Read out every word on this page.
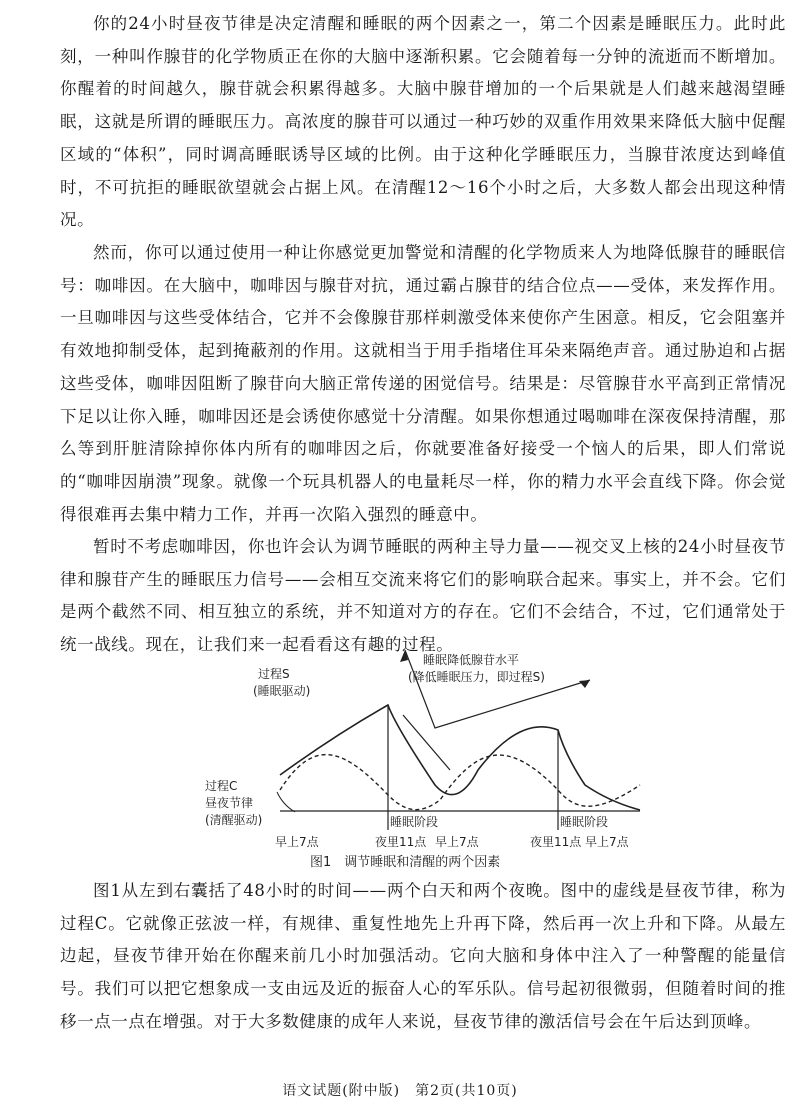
你的24小时昼夜节律是决定清醒和睡眠的两个因素之一，第二个因素是睡眠压力。此时此刻，一种叫作腺苷的化学物质正在你的大脑中逐渐积累。它会随着每一分钟的流逝而不断增加。你醒着的时间越久，腺苷就会积累得越多。大脑中腺苷增加的一个后果就是人们越来越渴望睡眠，这就是所谓的睡眠压力。高浓度的腺苷可以通过一种巧妙的双重作用效果来降低大脑中促醒区域的“体积”，同时调高睡眠诱导区域的比例。由于这种化学睡眠压力，当腺苷浓度达到峰值时，不可抗拒的睡眠欲望就会占据上风。在清醒12～16个小时之后，大多数人都会出现这种情况。

然而，你可以通过使用一种让你感觉更加警觉和清醒的化学物质来人为地降低腺苷的睡眠信号：咖啡因。在大脑中，咖啡因与腺苷对抗，通过霸占腺苷的结合位点——受体，来发挥作用。一旦咖啡因与这些受体结合，它并不会像腺苷那样刺激受体来使你产生困意。相反，它会阻塞并有效地抑制受体，起到掩蔽剂的作用。这就相当于用手指堵住耳朵来隔绝声音。通过胁迫和占据这些受体，咖啡因阻断了腺苷向大脑正常传递的困觉信号。结果是：尽管腺苷水平高到正常情况下足以让你入睡，咖啡因还是会诱使你感觉十分清醒。如果你想通过喝咖啡在深夜保持清醒，那么等到肝脏清除掉你体内所有的咖啡因之后，你就要准备好接受一个恼人的后果，即人们常说的“咖啡因崩溃”现象。就像一个玩具机器人的电量耗尽一样，你的精力水平会直线下降。你会觉得很难再去集中精力工作，并再一次陷入强烈的睡意中。

暂时不考虑咖啡因，你也许会认为调节睡眠的两种主导力量——视交叉上核的24小时昼夜节律和腺苷产生的睡眠压力信号——会相互交流来将它们的影响联合起来。事实上，并不会。它们是两个截然不同、相互独立的系统，并不知道对方的存在。它们不会结合，不过，它们通常处于统一战线。现在，让我们来一起看看这有趣的过程。

过程S
(睡眠驱动)
睡眠降低腺苷水平
(降低睡眠压力，即过程S)
过程C
昼夜节律
(清醒驱动)	睡眠阶段	睡眠阶段
早上7点	夜里11点 早上7点	夜里11点 早上7点
图1　调节睡眠和清醒的两个因素

图1从左到右囊括了48小时的时间——两个白天和两个夜晚。图中的虚线是昼夜节律，称为过程C。它就像正弦波一样，有规律、重复性地先上升再下降，然后再一次上升和下降。从最左边起，昼夜节律开始在你醒来前几小时加强活动。它向大脑和身体中注入了一种警醒的能量信号。我们可以把它想象成一支由远及近的振奋人心的军乐队。信号起初很微弱，但随着时间的推移一点一点在增强。对于大多数健康的成年人来说，昼夜节律的激活信号会在午后达到顶峰。

语文试题(附中版)　第2页(共10页)
